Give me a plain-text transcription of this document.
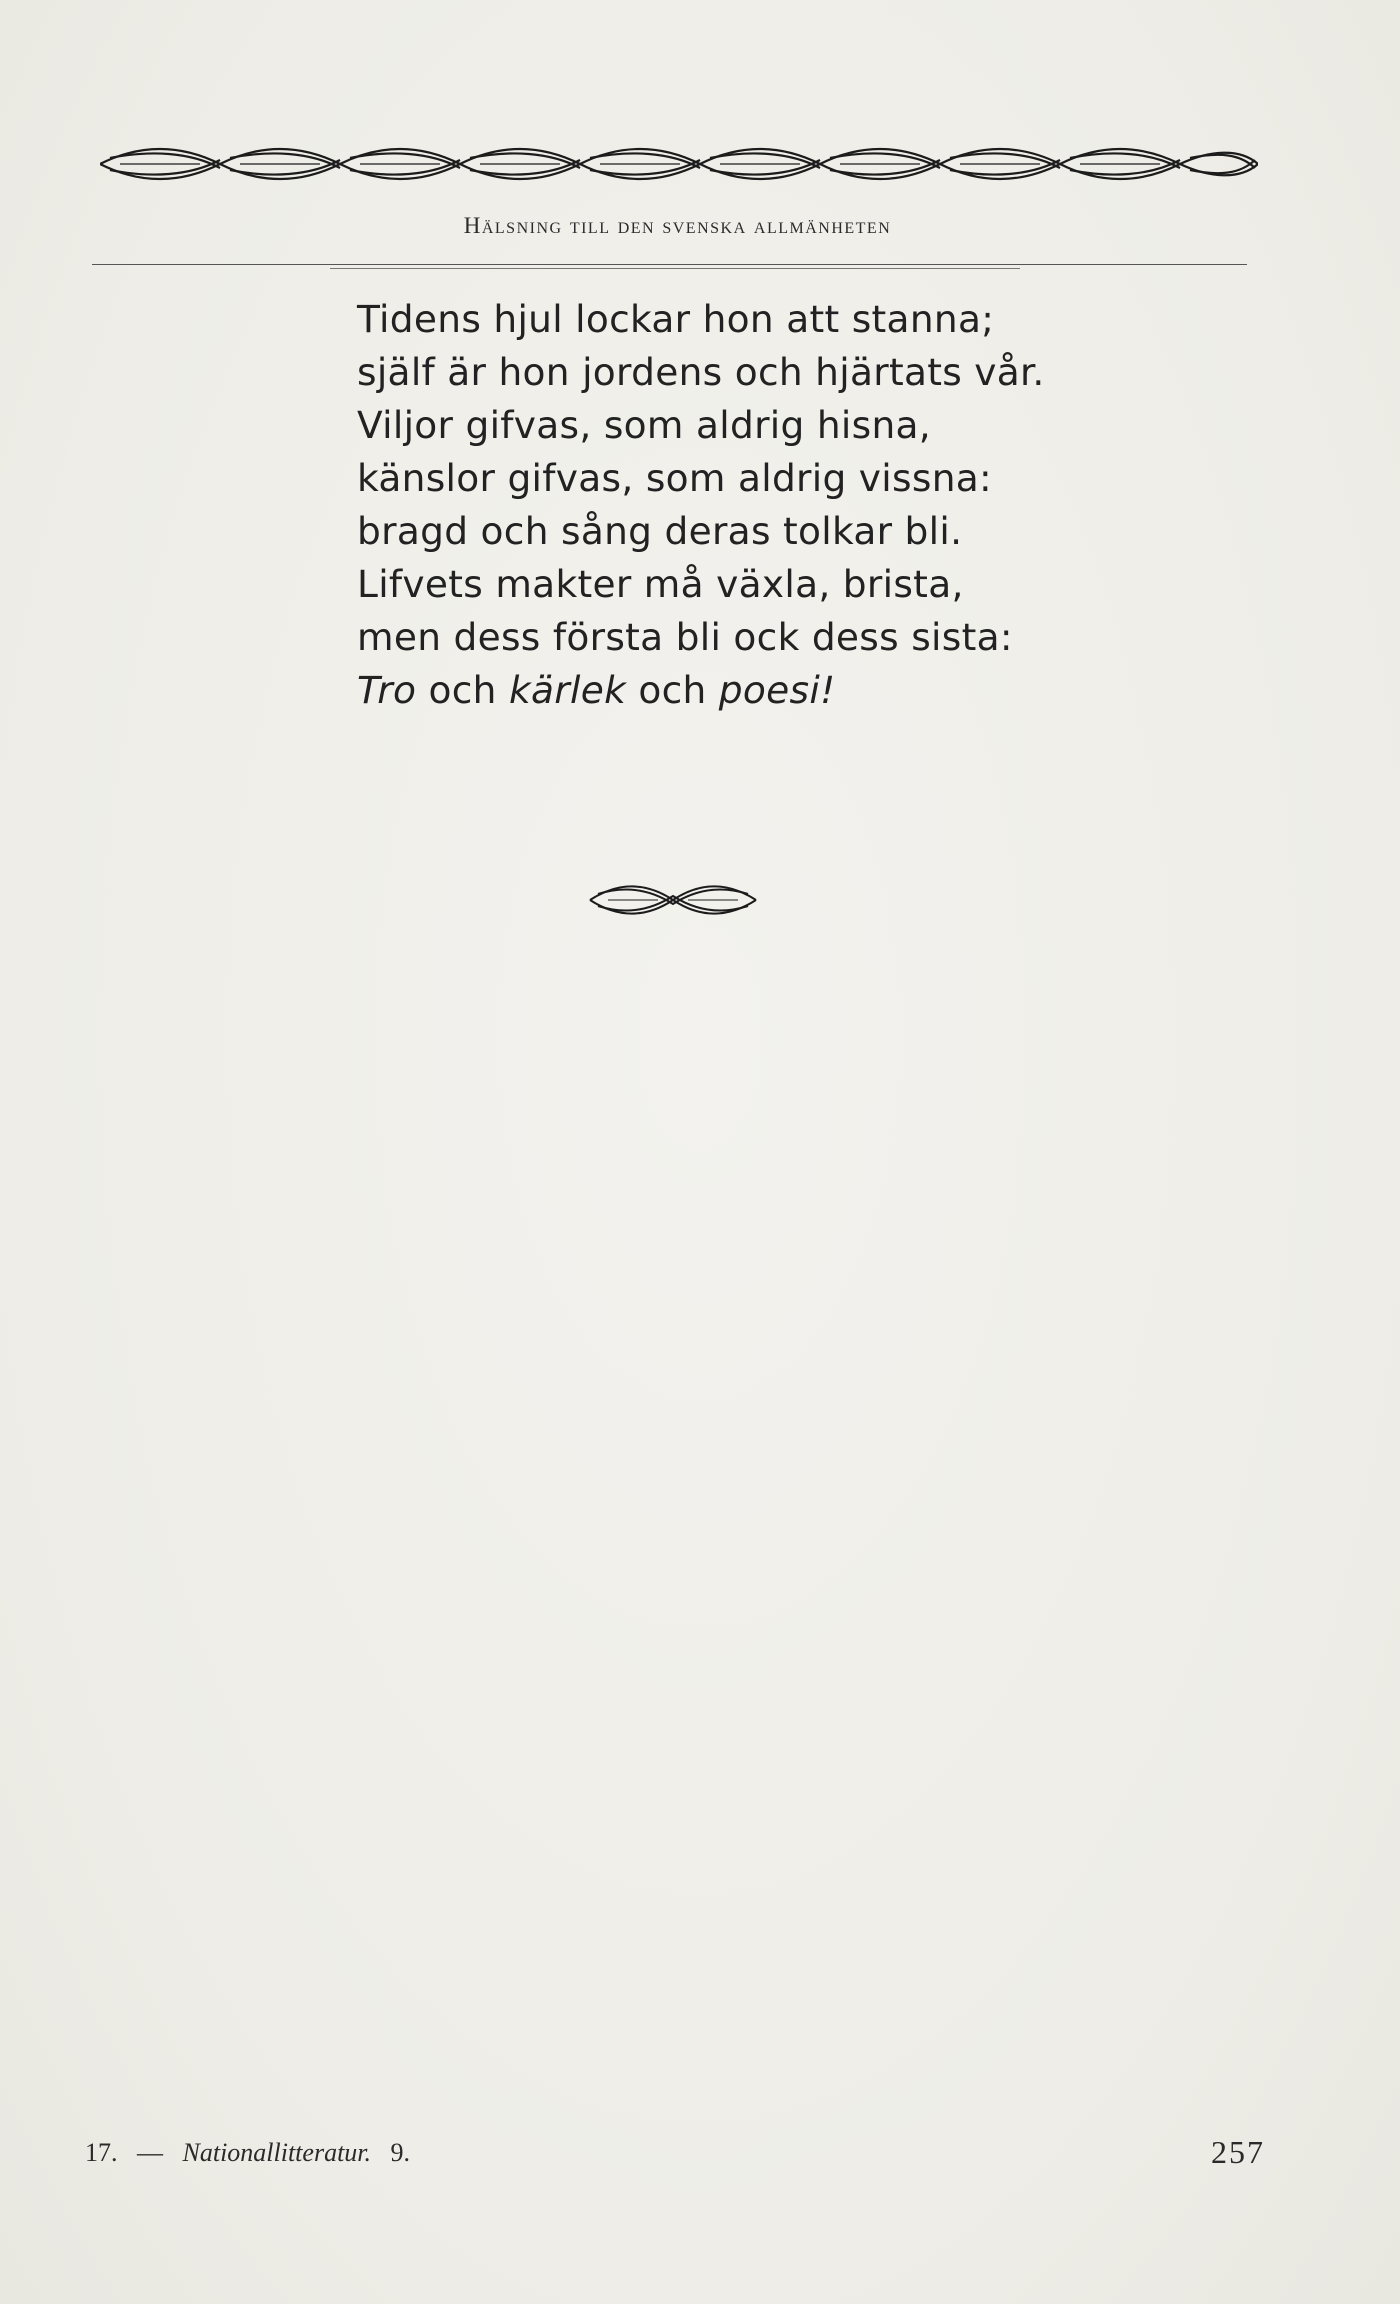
Hälsning till den svenska allmänheten
Tidens hjul lockar hon att stanna;
själf är hon jordens och hjärtats vår.
Viljor gifvas, som aldrig hisna,
känslor gifvas, som aldrig vissna:
bragd och sång deras tolkar bli.
Lifvets makter må växla, brista,
men dess första bli ock dess sista:
Tro och kärlek och poesi!
17. — Nationallitteratur. 9.	257
